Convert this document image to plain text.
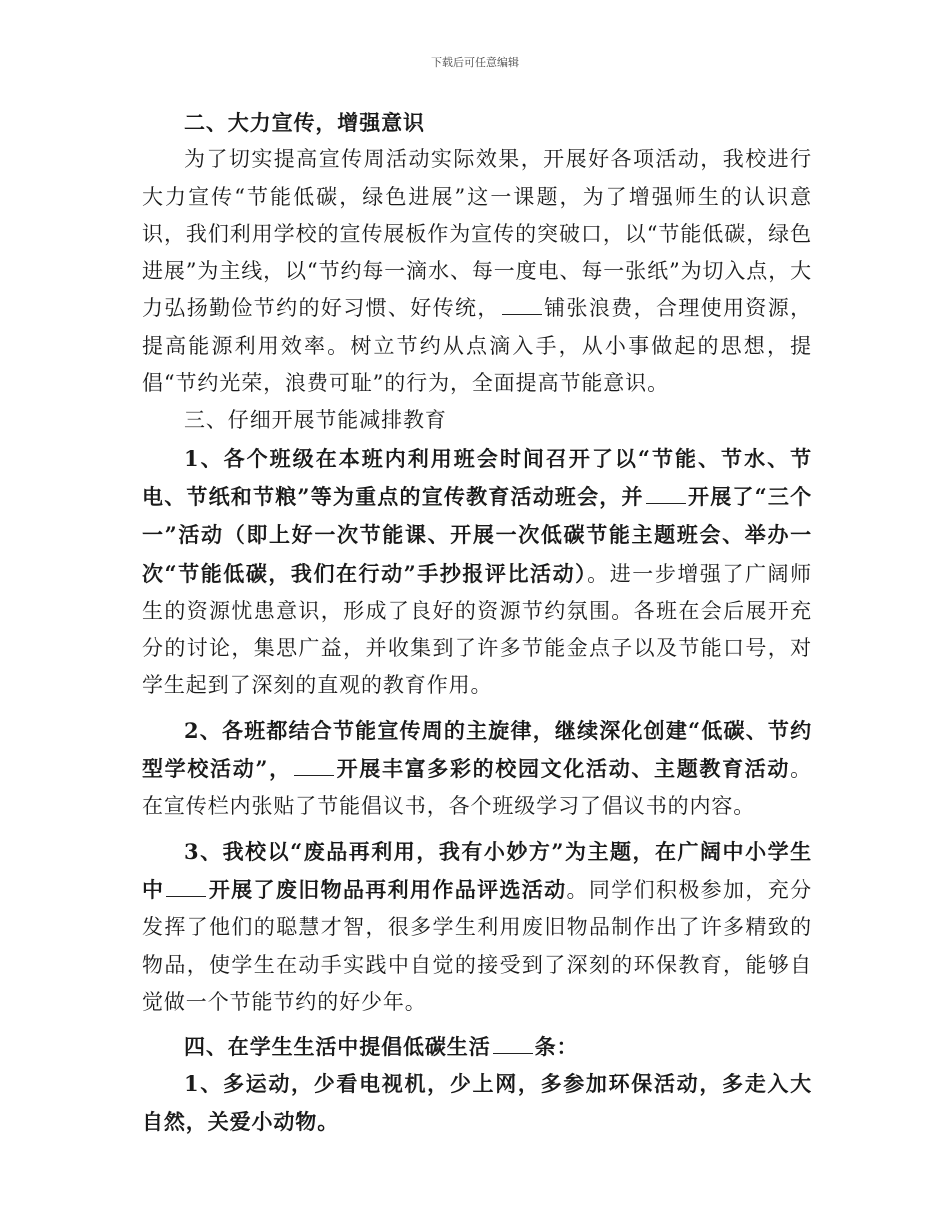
下载后可任意编辑

二、大力宣传，增强意识

为了切实提高宣传周活动实际效果，开展好各项活动，我校进行大力宣传“节能低碳，绿色进展”这一课题，为了增强师生的认识意识，我们利用学校的宣传展板作为宣传的突破口，以“节能低碳，绿色进展”为主线，以“节约每一滴水、每一度电、每一张纸”为切入点，大力弘扬勤俭节约的好习惯、好传统， 铺张浪费，合理使用资源，提高能源利用效率。树立节约从点滴入手，从小事做起的思想，提倡“节约光荣，浪费可耻”的行为，全面提高节能意识。

三、仔细开展节能减排教育

1、各个班级在本班内利用班会时间召开了以“节能、节水、节电、节纸和节粮”等为重点的宣传教育活动班会，并 开展了“三个一”活动（即上好一次节能课、开展一次低碳节能主题班会、举办一次“节能低碳，我们在行动”手抄报评比活动）。进一步增强了广阔师生的资源忧患意识，形成了良好的资源节约氛围。各班在会后展开充分的讨论，集思广益，并收集到了许多节能金点子以及节能口号，对学生起到了深刻的直观的教育作用。

2、各班都结合节能宣传周的主旋律，继续深化创建“低碳、节约型学校活动”， 开展丰富多彩的校园文化活动、主题教育活动。在宣传栏内张贴了节能倡议书，各个班级学习了倡议书的内容。

3、我校以“废品再利用，我有小妙方”为主题，在广阔中小学生中 开展了废旧物品再利用作品评选活动。同学们积极参加，充分发挥了他们的聪慧才智，很多学生利用废旧物品制作出了许多精致的物品，使学生在动手实践中自觉的接受到了深刻的环保教育，能够自觉做一个节能节约的好少年。

四、在学生生活中提倡低碳生活 条：

1、多运动，少看电视机，少上网，多参加环保活动，多走入大自然，关爱小动物。
